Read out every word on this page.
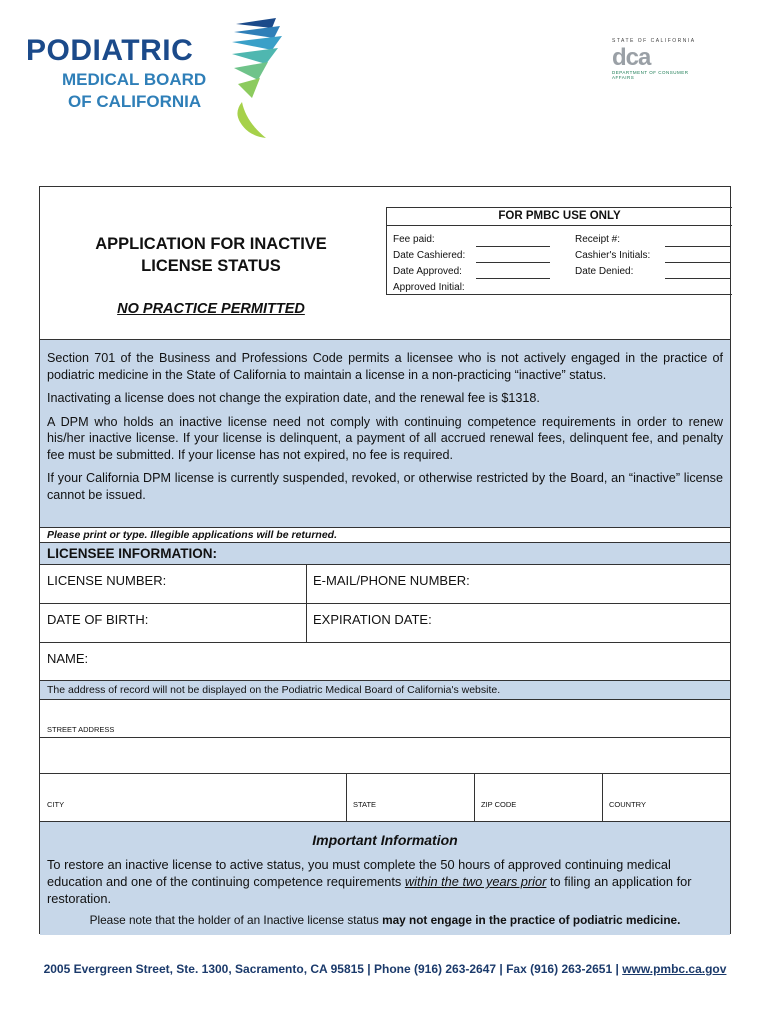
PODIATRIC
MEDICAL BOARD
OF CALIFORNIA
STATE OF CALIFORNIA
dca
DEPARTMENT OF CONSUMER AFFAIRS
FOR PMBC USE ONLY
Fee paid:	Receipt #:
Date Cashiered:	Cashier's Initials:
Date Approved:	Date Denied:
Approved Initial:
APPLICATION FOR INACTIVE
LICENSE STATUS
NO PRACTICE PERMITTED

Section 701 of the Business and Professions Code permits a licensee who is not actively engaged in the practice of podiatric medicine in the State of California to maintain a license in a non-practicing “inactive” status.

Inactivating a license does not change the expiration date, and the renewal fee is $1318.

A DPM who holds an inactive license need not comply with continuing competence requirements in order to renew his/her inactive license. If your license is delinquent, a payment of all accrued renewal fees, delinquent fee, and penalty fee must be submitted. If your license has not expired, no fee is required.

If your California DPM license is currently suspended, revoked, or otherwise restricted by the Board, an “inactive” license cannot be issued.

Please print or type. Illegible applications will be returned.
LICENSEE INFORMATION:
LICENSE NUMBER:	E-MAIL/PHONE NUMBER:
DATE OF BIRTH:	EXPIRATION DATE:
NAME:
The address of record will not be displayed on the Podiatric Medical Board of California's website.
STREET ADDRESS
CITY	STATE	ZIP CODE	COUNTRY
Important Information
To restore an inactive license to active status, you must complete the 50 hours of approved continuing medical education and one of the continuing competence requirements within the two years prior to filing an application for restoration.
Please note that the holder of an Inactive license status may not engage in the practice of podiatric medicine.
2005 Evergreen Street, Ste. 1300, Sacramento, CA 95815 | Phone (916) 263-2647 | Fax (916) 263-2651 | www.pmbc.ca.gov
